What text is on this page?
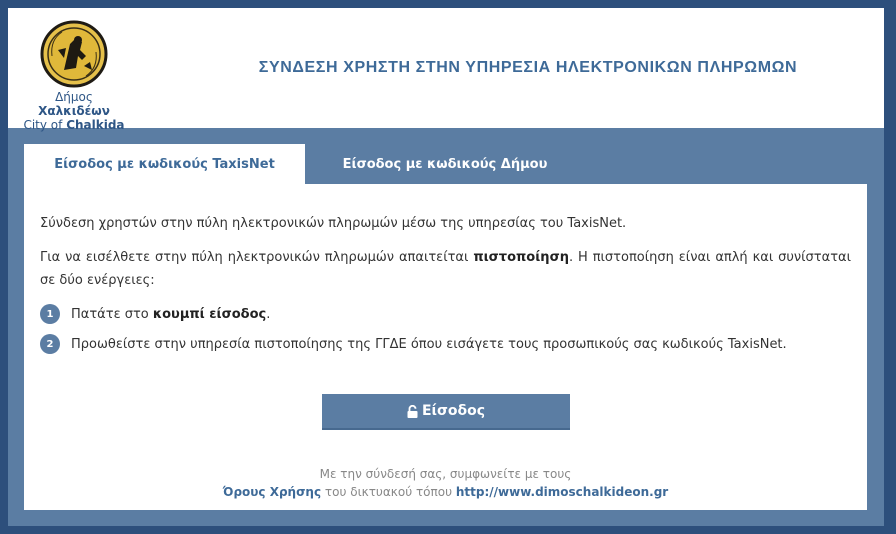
Δήμος Χαλκιδέων
City of Chalkida
ΣΥΝΔΕΣΗ ΧΡΗΣΤΗ ΣΤΗΝ ΥΠΗΡΕΣΙΑ ΗΛΕΚΤΡΟΝΙΚΩΝ ΠΛΗΡΩΜΩΝ
Είσοδος με κωδικούς TaxisNet	Είσοδος με κωδικούς Δήμου
Σύνδεση χρηστών στην πύλη ηλεκτρονικών πληρωμών μέσω της υπηρεσίας του TaxisNet.
Για να εισέλθετε στην πύλη ηλεκτρονικών πληρωμών απαιτείται πιστοποίηση. Η πιστοποίηση είναι απλή και συνίσταται σε δύο ενέργειες:
1	Πατάτε στο κουμπί είσοδος.
2	Προωθείστε στην υπηρεσία πιστοποίησης της ΓΓΔΕ όπου εισάγετε τους προσωπικούς σας κωδικούς TaxisNet.
Είσοδος
Με την σύνδεσή σας, συμφωνείτε με τους
Όρους Χρήσης του δικτυακού τόπου http://www.dimoschalkideon.gr
